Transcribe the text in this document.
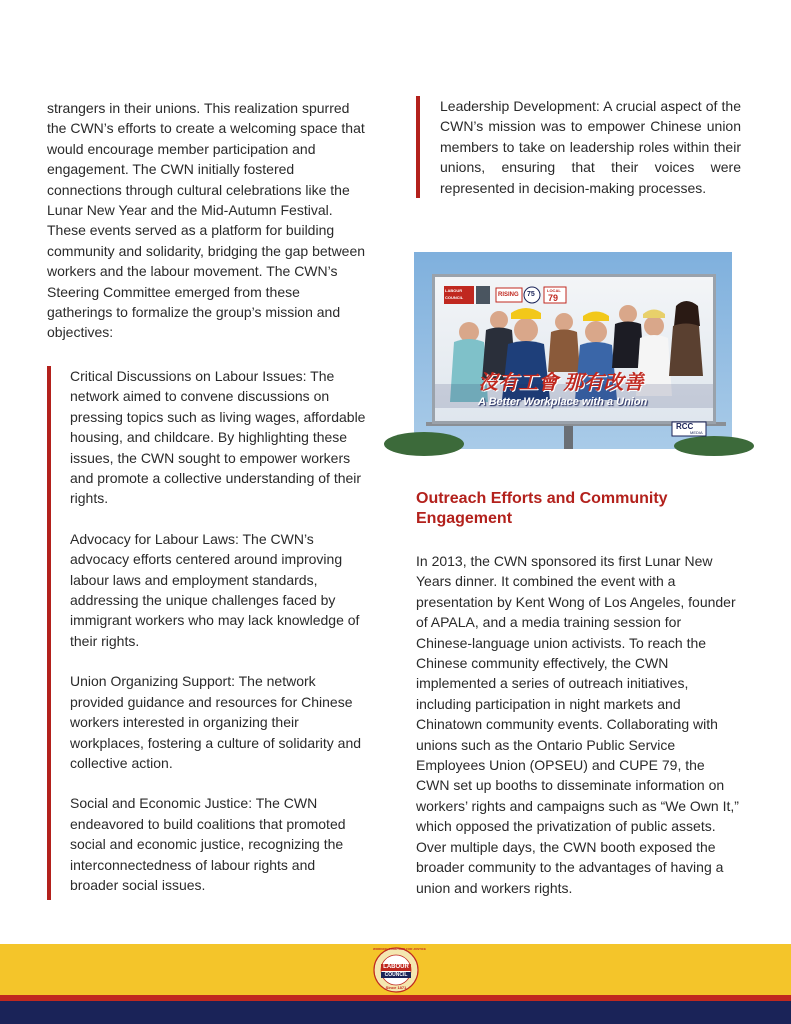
strangers in their unions. This realization spurred the CWN’s efforts to create a welcoming space that would encourage member participation and engagement. The CWN initially fostered connections through cultural celebrations like the Lunar New Year and the Mid-Autumn Festival. These events served as a platform for building community and solidarity, bridging the gap between workers and the labour movement. The CWN’s Steering Committee emerged from these gatherings to formalize the group’s mission and objectives:

Critical Discussions on Labour Issues: The network aimed to convene discussions on pressing topics such as living wages, affordable housing, and childcare. By highlighting these issues, the CWN sought to empower workers and promote a collective understanding of their rights.

Advocacy for Labour Laws: The CWN’s advocacy efforts centered around improving labour laws and employment standards, addressing the unique challenges faced by immigrant workers who may lack knowledge of their rights.

Union Organizing Support: The network provided guidance and resources for Chinese workers interested in organizing their workplaces, fostering a culture of solidarity and collective action.

Social and Economic Justice: The CWN endeavored to build coalitions that promoted social and economic justice, recognizing the interconnectedness of labour rights and broader social issues.

Leadership Development: A crucial aspect of the CWN’s mission was to empower Chinese union members to take on leadership roles within their unions, ensuring that their voices were represented in decision-making processes.

LABOUR
COUNCIL	RISING 75
LOCAL
79
沒有工會 那有改善
A Better Workplace with a Union
RCC
MEDIA
Outreach Efforts and Community Engagement

In 2013, the CWN sponsored its first Lunar New Years dinner. It combined the event with a presentation by Kent Wong of Los Angeles, founder of APALA, and a media training session for Chinese-language union activists. To reach the Chinese community effectively, the CWN implemented a series of outreach initiatives, including participation in night markets and Chinatown community events. Collaborating with unions such as the Ontario Public Service Employees Union (OPSEU) and CUPE 79, the CWN set up booths to disseminate information on workers’ rights and campaigns such as “We Own It,” which opposed the privatization of public assets. Over multiple days, the CWN booth exposed the broader community to the advantages of having a union and workers rights.

WORKING TOGETHER FOR JUSTICE
LABOUR
COUNCIL
Since 1871
